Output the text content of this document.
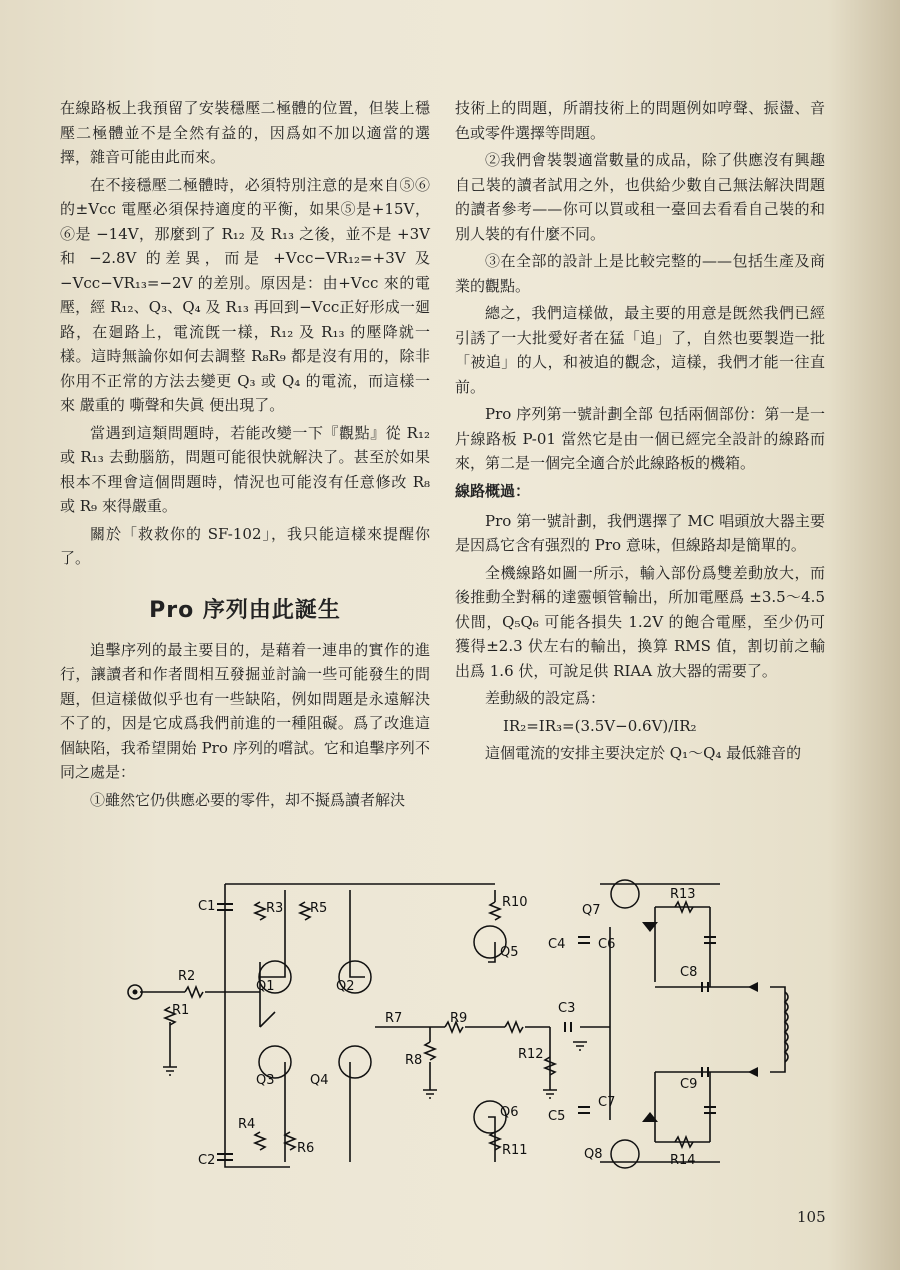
在線路板上我預留了安裝穩壓二極體的位置，但裝上穩壓二極體並不是全然有益的，因爲如不加以適當的選擇，雜音可能由此而來。

在不接穩壓二極體時，必須特別注意的是來自⑤⑥的±Vcc 電壓必須保持適度的平衡，如果⑤是+15V，⑥是 −14V，那麼到了 R₁₂ 及 R₁₃ 之後，並不是 +3V 和 −2.8V 的差異，而是 +Vcc−VR₁₂=+3V 及 −Vcc−VR₁₃=−2V 的差別。原因是：由+Vcc 來的電壓，經 R₁₂、Q₃、Q₄ 及 R₁₃ 再回到−Vcc正好形成一廻路，在廻路上，電流旣一樣，R₁₂ 及 R₁₃ 的壓降就一樣。這時無論你如何去調整 R₈R₉ 都是沒有用的，除非你用不正常的方法去變更 Q₃ 或 Q₄ 的電流，而這樣一來 嚴重的 嘶聲和失眞 便出現了。

當遇到這類問題時，若能改變一下『觀點』從 R₁₂ 或 R₁₃ 去動腦筋，問題可能很快就解決了。甚至於如果根本不理會這個問題時，情況也可能沒有任意修改 R₈ 或 R₉ 來得嚴重。

關於「救救你的 SF-102」，我只能這樣來提醒你了。

Pro 序列由此誕生

追擊序列的最主要目的，是藉着一連串的實作的進行，讓讀者和作者間相互發掘並討論一些可能發生的問題，但這樣做似乎也有一些缺陷，例如問題是永遠解決不了的，因是它成爲我們前進的一種阻礙。爲了改進這個缺陷，我希望開始 Pro 序列的嚐試。它和追擊序列不同之處是：

①雖然它仍供應必要的零件，却不擬爲讀者解決

技術上的問題，所謂技術上的問題例如哼聲、振盪、音色或零件選擇等問題。

②我們會裝製適當數量的成品，除了供應沒有興趣自己裝的讀者試用之外，也供給少數自己無法解決問題的讀者參考——你可以買或租一臺回去看看自己裝的和別人裝的有什麼不同。

③在全部的設計上是比較完整的——包括生產及商業的觀點。

總之，我們這樣做，最主要的用意是旣然我們已經引誘了一大批愛好者在猛「追」了，自然也要製造一批「被追」的人，和被追的觀念，這樣，我們才能一往直前。

Pro 序列第一號計劃全部 包括兩個部份：第一是一片線路板 P-01 當然它是由一個已經完全設計的線路而來，第二是一個完全適合於此線路板的機箱。

線路概過：

Pro 第一號計劃，我們選擇了 MC 唱頭放大器主要是因爲它含有强烈的 Pro 意味，但線路却是簡單的。

全機線路如圖一所示，輸入部份爲雙差動放大，而後推動全對稱的達靈頓管輸出，所加電壓爲 ±3.5～4.5伏間，Q₅Q₆ 可能各損失 1.2V 的飽合電壓，至少仍可獲得±2.3 伏左右的輸出，換算 RMS 值，割切前之輸出爲 1.6 伏，可說足供 RIAA 放大器的需要了。

差動級的設定爲：

IR₂=IR₃=(3.5V−0.6V)/IR₂

這個電流的安排主要決定於 Q₁～Q₄ 最低雜音的

C1
C2
C3
C4
C5
C6
C7
C8
C9
R1
R2
R3
R4
R5
R6
R7
R8
R9
R10
R11
R12
R13
R14
Q1	Q2
Q3	Q4
Q5
Q6
Q7
Q8
105
